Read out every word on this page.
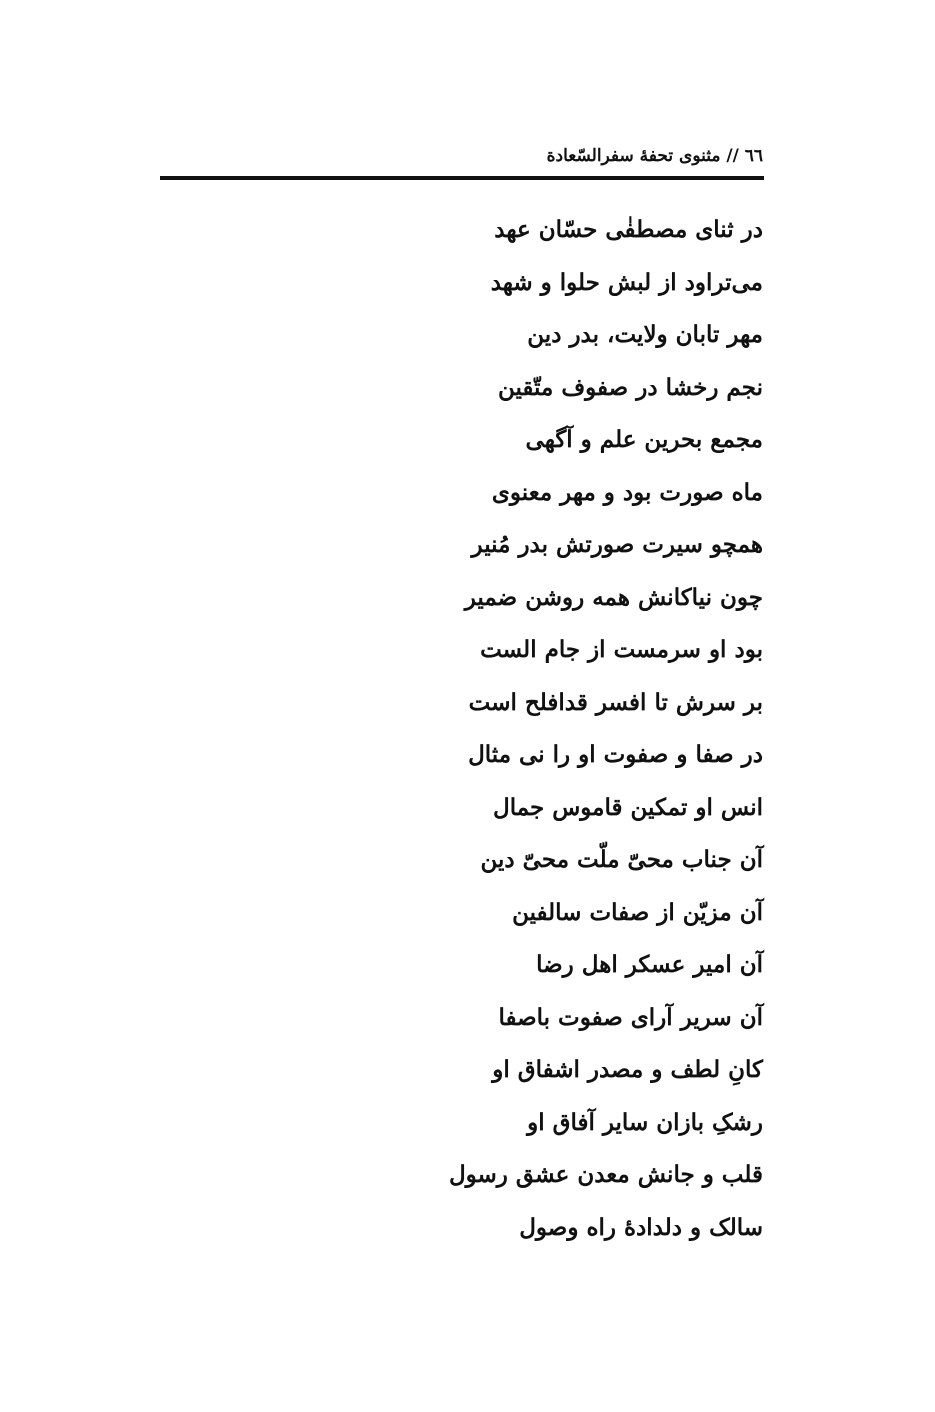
٦٦ // مثنوی تحفهٔ سفرالسّعادة
در ثنای مصطفٰی حسّان عهد
می‌تراود از لبش حلوا و شهد
مهر تابان ولایت، بدر دین
نجم رخشا در صفوف متّقین
مجمع بحرین علم و آگهی
ماه صورت بود و مهر معنوی
همچو سیرت صورتش بدر مُنیر
چون نیاکانش همه روشن ضمیر
بود او سرمست از جام الست
بر سرش تا افسر قدافلح است
در صفا و صفوت او را نی مثال
انس او تمکین قاموس جمال
آن جناب محیّ ملّت محیّ دین
آن مزیّن از صفات سالفین
آن امیر عسکر اهل رضا
آن سریر آرای صفوت باصفا
کانِ لطف و مصدر اشفاق او
رشکِ بازان سایر آفاق او
قلب و جانش معدن عشق رسول
سالک و دلدادهٔ راه وصول
